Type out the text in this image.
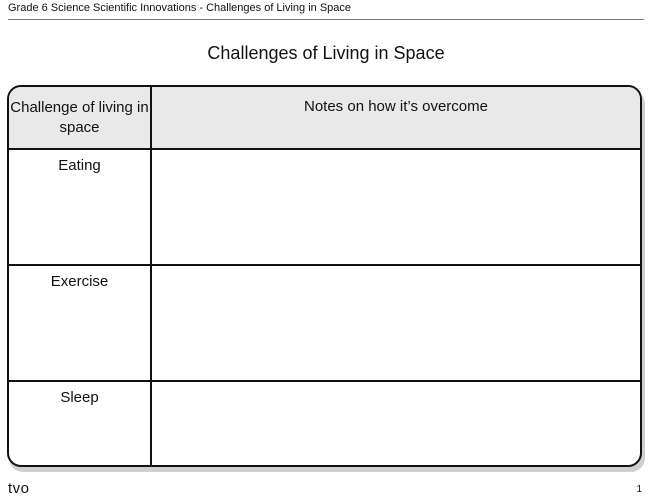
Grade 6 Science Scientific Innovations - Challenges of Living in Space
Challenges of Living in Space
Challenge of living in space	Notes on how it’s overcome
Eating	
Exercise	
Sleep	
tvo	1
